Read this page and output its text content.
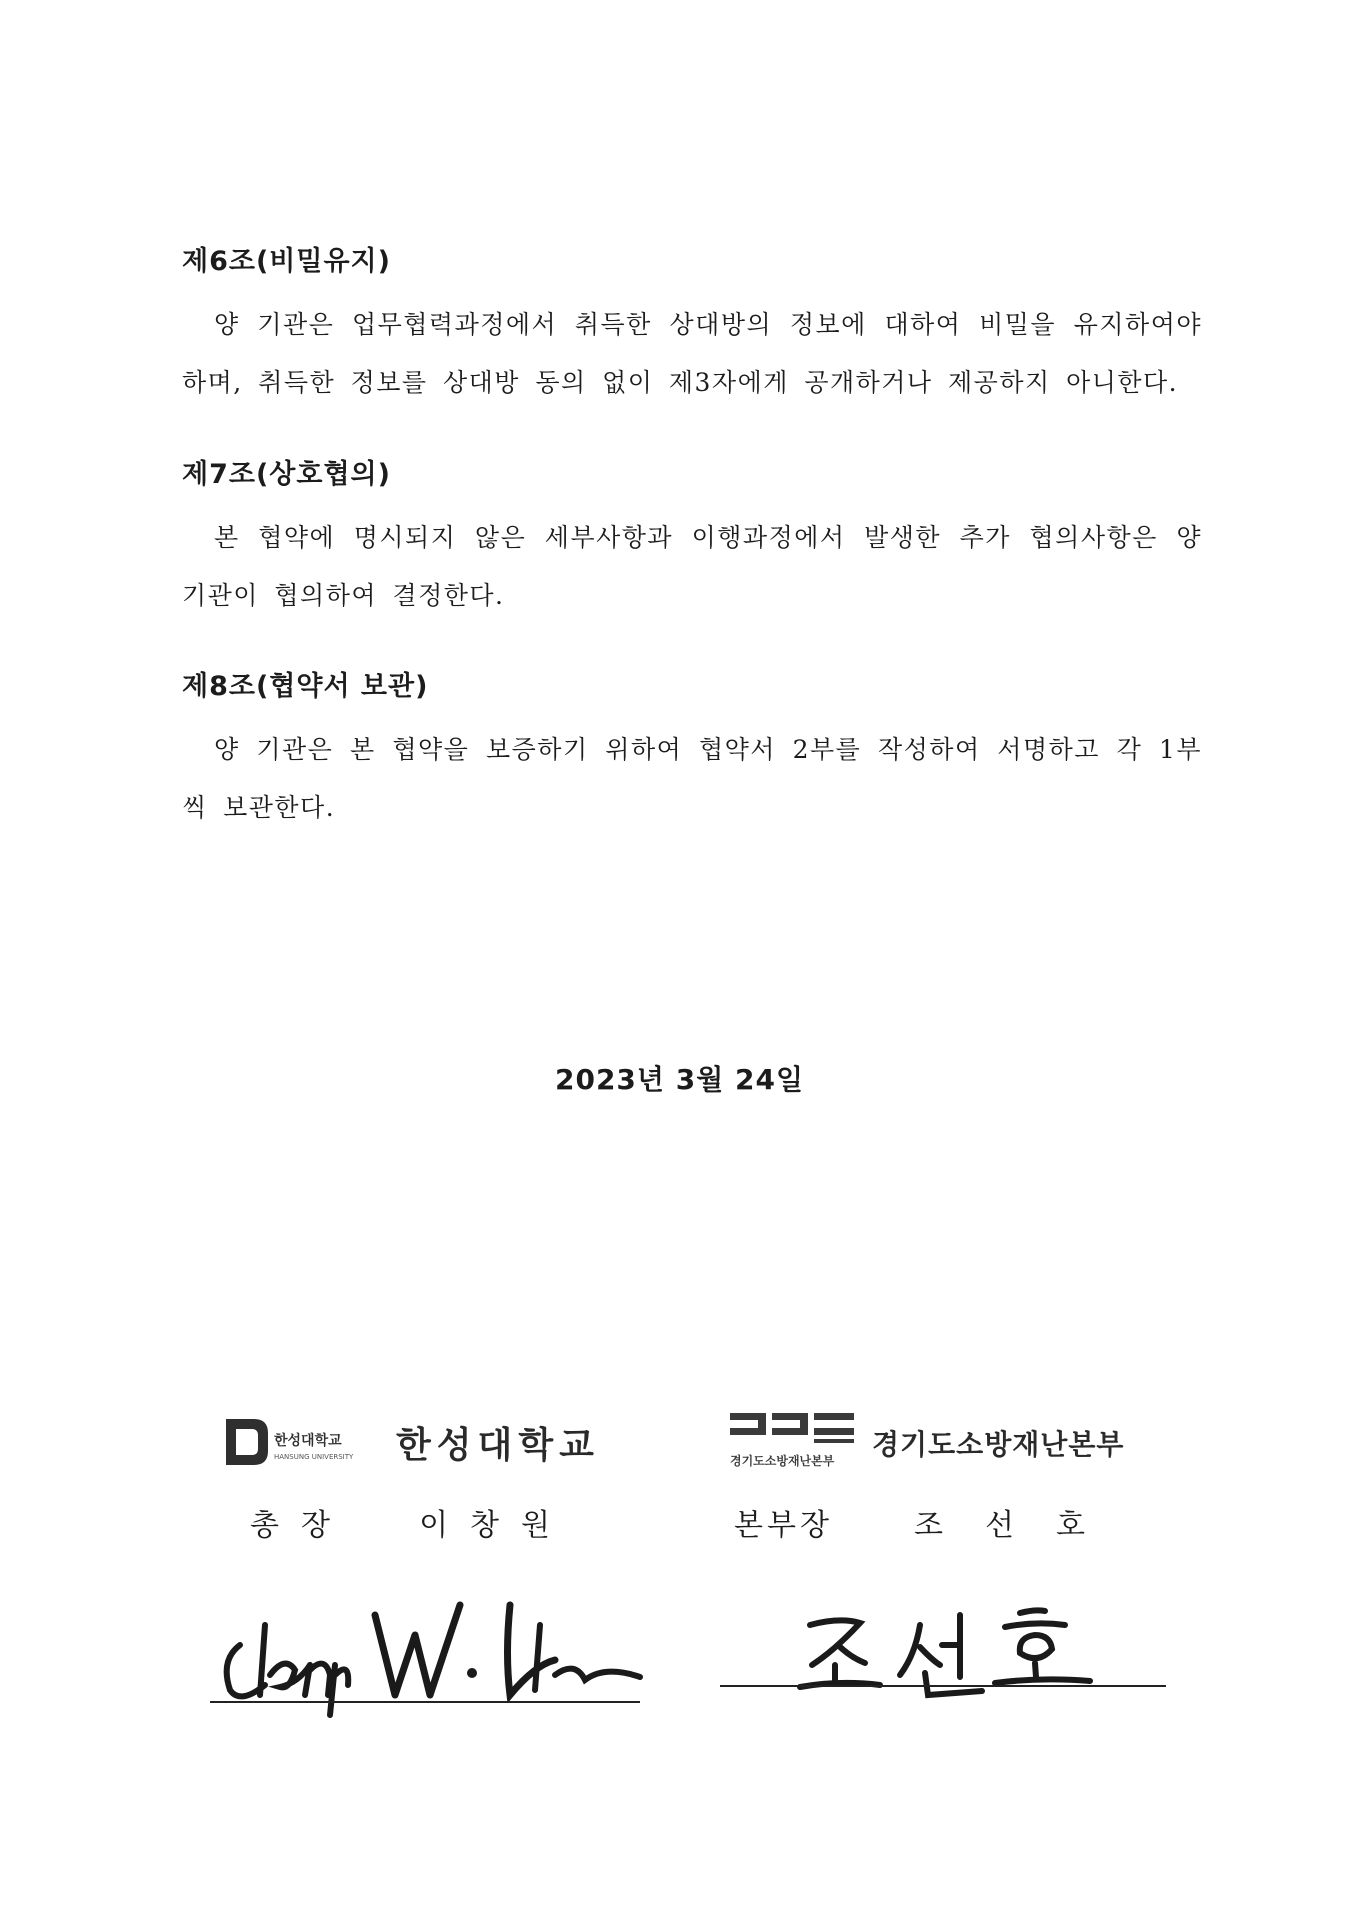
제6조(비밀유지)

양 기관은 업무협력과정에서 취득한 상대방의 정보에 대하여 비밀을 유지하여야 하며, 취득한 정보를 상대방 동의 없이 제3자에게 공개하거나 제공하지 아니한다.

제7조(상호협의)

본 협약에 명시되지 않은 세부사항과 이행과정에서 발생한 추가 협의사항은 양 기관이 협의하여 결정한다.

제8조(협약서 보관)

양 기관은 본 협약을 보증하기 위하여 협약서 2부를 작성하여 서명하고 각 1부씩 보관한다.

2023년 3월 24일
한성대학교
HANSUNG UNIVERSITY 한성대학교
총장 이창원
경기도소방재난본부 경기도소방재난본부
본부장	조선호
